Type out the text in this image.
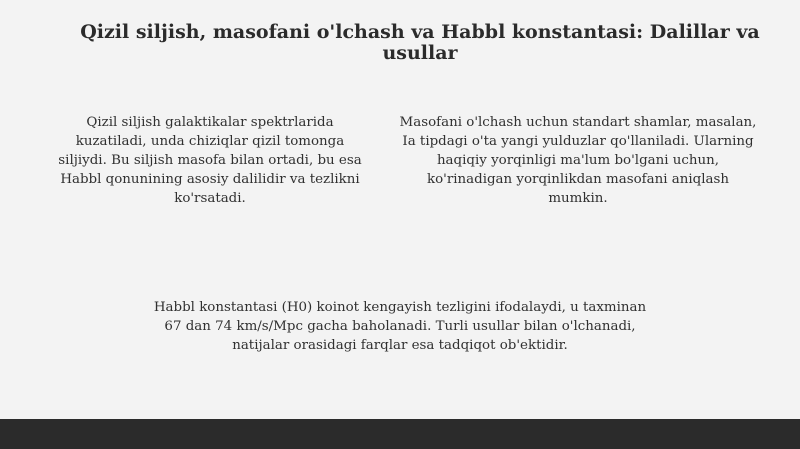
Qizil siljish, masofani o'lchash va Habbl konstantasi: Dalillar va usullar

Qizil siljish galaktikalar spektrlarida kuzatiladi, unda chiziqlar qizil tomonga siljiydi. Bu siljish masofa bilan ortadi, bu esa Habbl qonunining asosiy dalilidir va tezlikni ko'rsatadi.

Masofani o'lchash uchun standart shamlar, masalan, Ia tipdagi o'ta yangi yulduzlar qo'llaniladi. Ularning haqiqiy yorqinligi ma'lum bo'lgani uchun, ko'rinadigan yorqinlikdan masofani aniqlash mumkin.

Habbl konstantasi (H0) koinot kengayish tezligini ifodalaydi, u taxminan 67 dan 74 km/s/Mpc gacha baholanadi. Turli usullar bilan o'lchanadi, natijalar orasidagi farqlar esa tadqiqot ob'ektidir.
